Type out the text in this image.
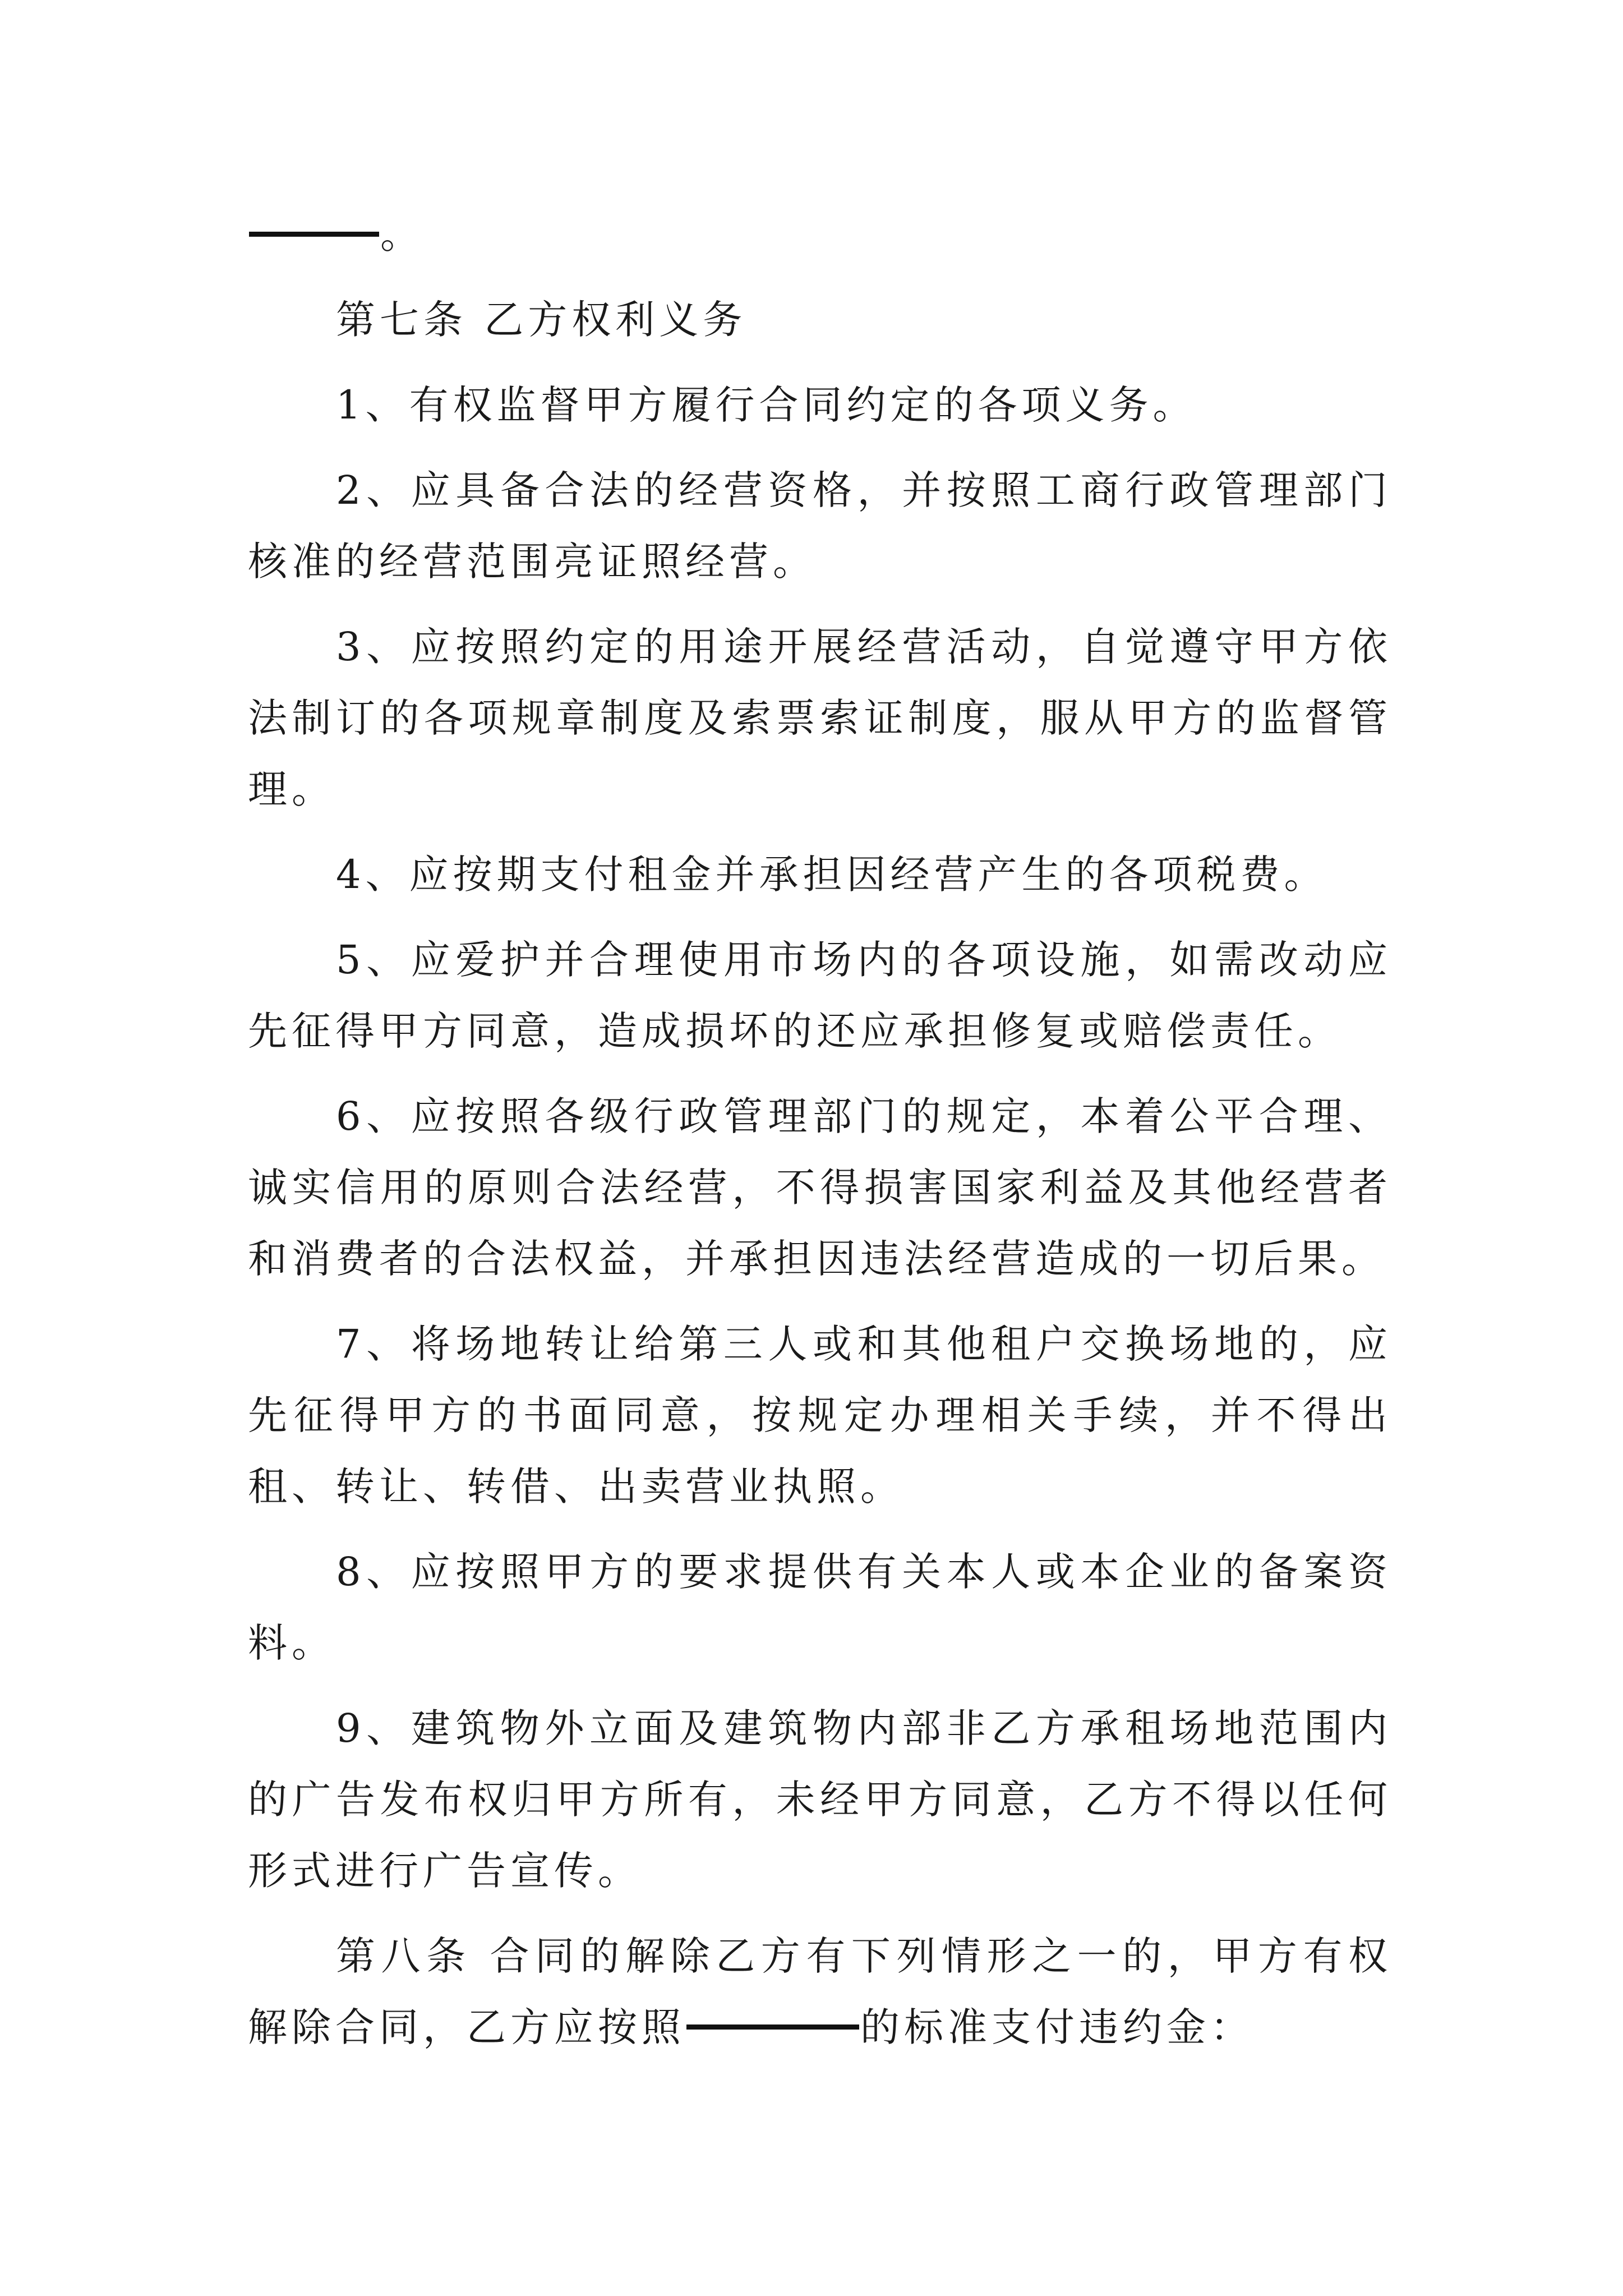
。

第七条 乙方权利义务

1、有权监督甲方履行合同约定的各项义务。

2、应具备合法的经营资格，并按照工商行政管理部门核准的经营范围亮证照经营。

3、应按照约定的用途开展经营活动，自觉遵守甲方依法制订的各项规章制度及索票索证制度，服从甲方的监督管理。

4、应按期支付租金并承担因经营产生的各项税费。

5、应爱护并合理使用市场内的各项设施，如需改动应先征得甲方同意，造成损坏的还应承担修复或赔偿责任。

6、应按照各级行政管理部门的规定，本着公平合理、诚实信用的原则合法经营，不得损害国家利益及其他经营者和消费者的合法权益，并承担因违法经营造成的一切后果。

7、将场地转让给第三人或和其他租户交换场地的，应先征得甲方的书面同意，按规定办理相关手续，并不得出租、转让、转借、出卖营业执照。

8、应按照甲方的要求提供有关本人或本企业的备案资料。

9、建筑物外立面及建筑物内部非乙方承租场地范围内的广告发布权归甲方所有，未经甲方同意，乙方不得以任何形式进行广告宣传。

第八条 合同的解除乙方有下列情形之一的，甲方有权解除合同，乙方应按照	的标准支付违约金：
